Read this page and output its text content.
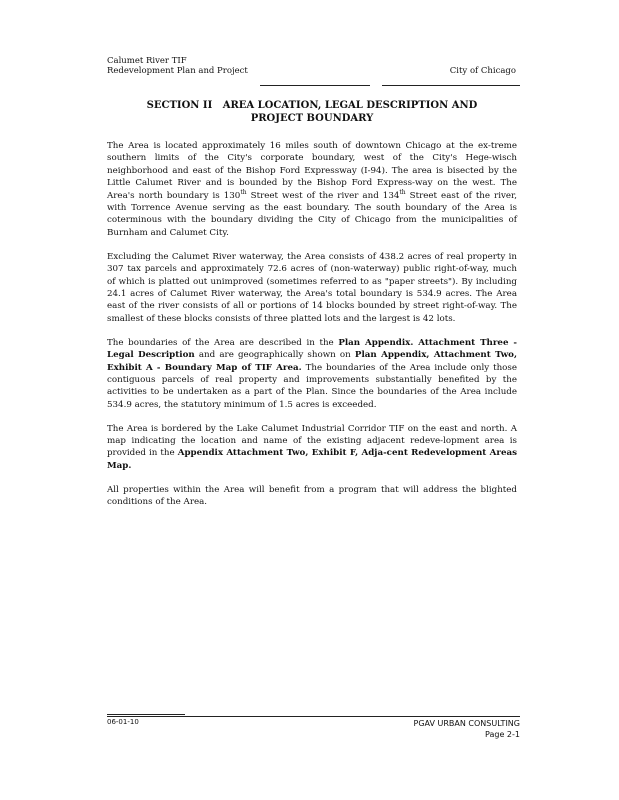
Calumet River TIF
Redevelopment Plan and Project	City of Chicago
SECTION II   AREA LOCATION, LEGAL DESCRIPTION AND
PROJECT BOUNDARY

The Area is located approximately 16 miles south of downtown Chicago at the ex-treme southern limits of the City's corporate boundary, west of the City's Hege-wisch neighborhood and east of the Bishop Ford Expressway (I-94). The area is bisected by the Little Calumet River and is bounded by the Bishop Ford Express-way on the west. The Area's north boundary is 130th Street west of the river and 134th Street east of the river, with Torrence Avenue serving as the east boundary. The south boundary of the Area is coterminous with the boundary dividing the City of Chicago from the municipalities of Burnham and Calumet City.

Excluding the Calumet River waterway, the Area consists of 438.2 acres of real property in 307 tax parcels and approximately 72.6 acres of (non-waterway) public right-of-way, much of which is platted out unimproved (sometimes referred to as "paper streets"). By including 24.1 acres of Calumet River waterway, the Area's total boundary is 534.9 acres. The Area east of the river consists of all or portions of 14 blocks bounded by street right-of-way. The smallest of these blocks consists of three platted lots and the largest is 42 lots.

The boundaries of the Area are described in the Plan Appendix. Attachment Three - Legal Description and are geographically shown on Plan Appendix, Attachment Two, Exhibit A - Boundary Map of TIF Area. The boundaries of the Area include only those contiguous parcels of real property and improvements substantially benefited by the activities to be undertaken as a part of the Plan. Since the boundaries of the Area include 534.9 acres, the statutory minimum of 1.5 acres is exceeded.

The Area is bordered by the Lake Calumet Industrial Corridor TIF on the east and north. A map indicating the location and name of the existing adjacent redeve-lopment area is provided in the Appendix Attachment Two, Exhibit F, Adja-cent Redevelopment Areas Map.

All properties within the Area will benefit from a program that will address the blighted conditions of the Area.

06-01-10	PGAV URBAN CONSULTING
Page 2-1
